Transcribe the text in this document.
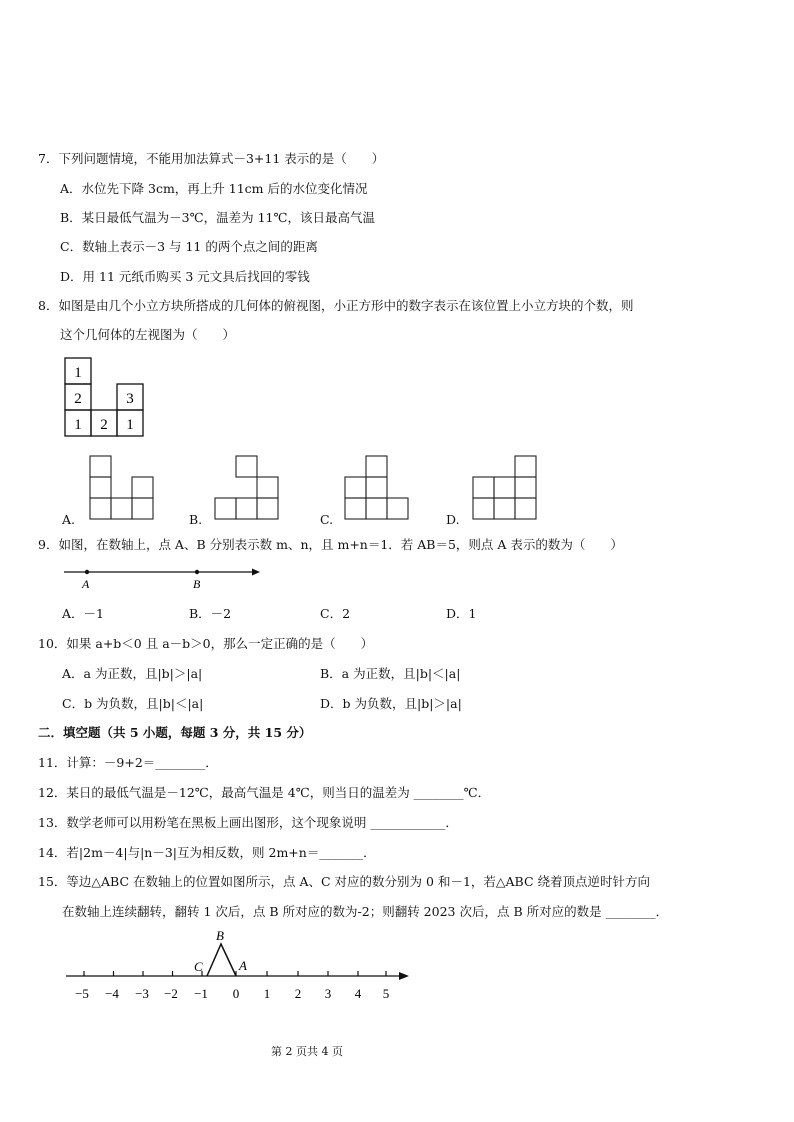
7．下列问题情境，不能用加法算式－3+11 表示的是（　　）
A．水位先下降 3cm，再上升 11cm 后的水位变化情况
B．某日最低气温为－3℃，温差为 11℃，该日最高气温
C．数轴上表示－3 与 11 的两个点之间的距离
D．用 11 元纸币购买 3 元文具后找回的零钱
8．如图是由几个小立方块所搭成的几何体的俯视图，小正方形中的数字表示在该位置上小立方块的个数，则
这个几何体的左视图为（　　）
1
2	3
1 2 1
A.	B.	C.	D.
9．如图，在数轴上，点 A、B 分别表示数 m、n，且 m+n＝1．若 AB＝5，则点 A 表示的数为（　　）
A	B
A．－1	B．－2	C．2	D．1
10．如果 a+b＜0 且 a－b＞0，那么一定正确的是（　　）
A．a 为正数，且|b|＞|a|	B．a 为正数，且|b|＜|a|
C．b 为负数，且|b|＜|a|	D．b 为负数，且|b|＞|a|
二．填空题（共 5 小题，每题 3 分，共 15 分）
11．计算：－9+2＝________．
12．某日的最低气温是－12℃，最高气温是 4℃，则当日的温差为 ________℃．
13．数学老师可以用粉笔在黑板上画出图形，这个现象说明 ____________．
14．若|2m－4|与|n－3|互为相反数，则 2m+n＝_______．
15．等边△ABC 在数轴上的位置如图所示，点 A、C 对应的数分别为 0 和－1，若△ABC 绕着顶点逆时针方向
在数轴上连续翻转，翻转 1 次后，点 B 所对应的数为-2；则翻转 2023 次后，点 B 所对应的数是 ________．
B
C	A
−5 −4 −3 −2 −1 0 1 2 3 4 5
第 2 页共 4 页
